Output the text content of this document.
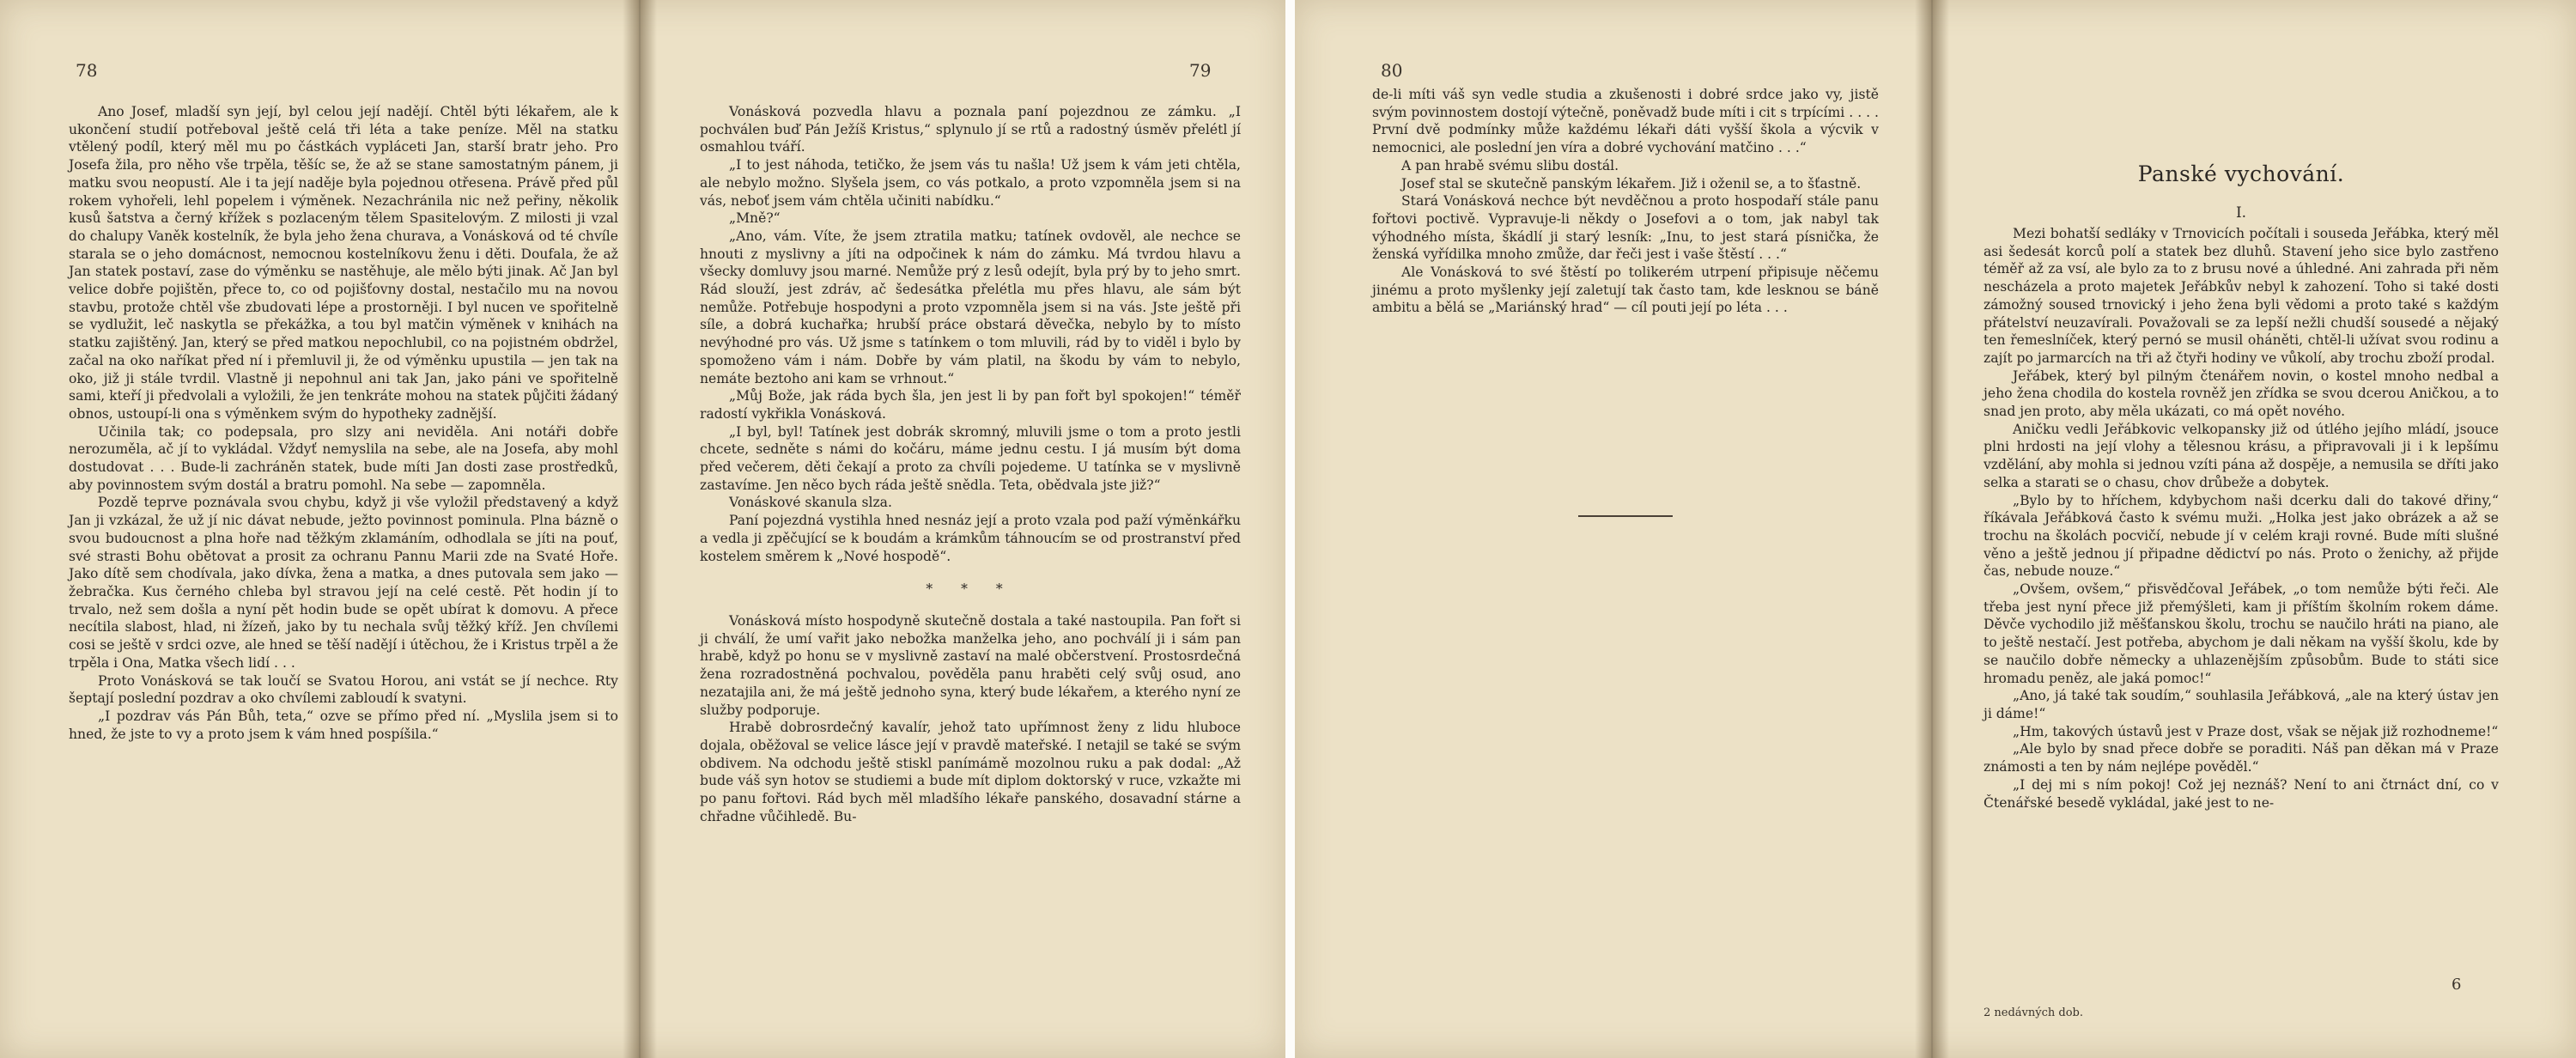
78

Ano Josef, mladší syn její, byl celou její nadějí. Chtěl býti lékařem, ale k ukončení studií potřeboval ještě celá tři léta a take peníze. Měl na statku vtělený podíl, který měl mu po částkách vypláceti Jan, starší bratr jeho. Pro Josefa žila, pro něho vše trpěla, těšíc se, že až se stane samostatným pánem, ji matku svou neopustí. Ale i ta její naděje byla pojednou otřesena. Právě před půl rokem vyhořeli, lehl popelem i výměnek. Nezachránila nic než peřiny, několik kusů šatstva a černý křížek s pozlaceným tělem Spasitelovým. Z milosti ji vzal do chalupy Vaněk kostelník, že byla jeho žena churava, a Vonásková od té chvíle starala se o jeho domácnost, nemocnou kostelníkovu ženu i děti. Doufala, že až Jan statek postaví, zase do výměnku se nastěhuje, ale mělo býti jinak. Ač Jan byl velice dobře pojištěn, přece to, co od pojišťovny dostal, nestačilo mu na novou stavbu, protože chtěl vše zbudovati lépe a prostorněji. I byl nucen ve spořitelně se vydlužit, leč naskytla se překážka, a tou byl matčin výměnek v knihách na statku zajištěný. Jan, který se před matkou nepochlubil, co na pojistném obdržel, začal na oko naříkat před ní i přemluvil ji, že od výměnku upustila — jen tak na oko, již ji stále tvrdil. Vlastně ji nepohnul ani tak Jan, jako páni ve spořitelně sami, kteří ji předvolali a vyložili, že jen tenkráte mohou na statek půjčiti žádaný obnos, ustoupí-li ona s výměnkem svým do hypotheky zadnější.

Učinila tak; co podepsala, pro slzy ani neviděla. Ani notáři dobře nerozuměla, ač jí to vykládal. Vždyť nemyslila na sebe, ale na Josefa, aby mohl dostudovat . . . Bude-li zachráněn statek, bude míti Jan dosti zase prostředků, aby povinnostem svým dostál a bratru pomohl. Na sebe — zapomněla.

Pozdě teprve poznávala svou chybu, když ji vše vyložil představený a když Jan ji vzkázal, že už jí nic dávat nebude, ježto povinnost pominula. Plna bázně o svou budoucnost a plna hoře nad těžkým zklamáním, odhodlala se jíti na pouť, své strasti Bohu obětovat a prosit za ochranu Pannu Marii zde na Svaté Hoře. Jako dítě sem chodívala, jako dívka, žena a matka, a dnes putovala sem jako — žebračka. Kus černého chleba byl stravou její na celé cestě. Pět hodin jí to trvalo, než sem došla a nyní pět hodin bude se opět ubírat k domovu. A přece necítila slabost, hlad, ni žízeň, jako by tu nechala svůj těžký kříž. Jen chvílemi cosi se ještě v srdci ozve, ale hned se těší nadějí i útěchou, že i Kristus trpěl a že trpěla i Ona, Matka všech lidí . . .

Proto Vonásková se tak loučí se Svatou Horou, ani vstát se jí nechce. Rty šeptají poslední pozdrav a oko chvílemi zabloudí k svatyni.

„I pozdrav vás Pán Bůh, teta,“ ozve se přímo před ní. „Myslila jsem si to hned, že jste to vy a proto jsem k vám hned pospíšila.“

79

Vonásková pozvedla hlavu a poznala paní pojezdnou ze zámku. „I pochválen buď Pán Ježíš Kristus,“ splynulo jí se rtů a radostný úsměv přelétl jí osmahlou tváří.

„I to jest náhoda, tetičko, že jsem vás tu našla! Už jsem k vám jeti chtěla, ale nebylo možno. Slyšela jsem, co vás potkalo, a proto vzpomněla jsem si na vás, neboť jsem vám chtěla učiniti nabídku.“

„Mně?“

„Ano, vám. Víte, že jsem ztratila matku; tatínek ovdověl, ale nechce se hnouti z myslivny a jíti na odpočinek k nám do zámku. Má tvrdou hlavu a všecky domluvy jsou marné. Nemůže prý z lesů odejít, byla prý by to jeho smrt. Rád slouží, jest zdráv, ač šedesátka přelétla mu přes hlavu, ale sám být nemůže. Potřebuje hospodyni a proto vzpomněla jsem si na vás. Jste ještě při síle, a dobrá kuchařka; hrubší práce obstará děvečka, nebylo by to místo nevýhodné pro vás. Už jsme s tatínkem o tom mluvili, rád by to viděl i bylo by spomoženo vám i nám. Dobře by vám platil, na škodu by vám to nebylo, nemáte beztoho ani kam se vrhnout.“

„Můj Bože, jak ráda bych šla, jen jest li by pan fořt byl spokojen!“ téměř radostí vykřikla Vonásková.

„I byl, byl! Tatínek jest dobrák skromný, mluvili jsme o tom a proto jestli chcete, sedněte s námi do kočáru, máme jednu cestu. I já musím být doma před večerem, děti čekají a proto za chvíli pojedeme. U tatínka se v myslivně zastavíme. Jen něco bych ráda ještě snědla. Teta, obědvala jste již?“

Vonáskové skanula slza.

Paní pojezdná vystihla hned nesnáz její a proto vzala pod paží výměnkářku a vedla ji zpěčující se k boudám a krámkům táhnoucím se od prostranství před kostelem směrem k „Nové hospodě“.

* * *

Vonásková místo hospodyně skutečně dostala a také nastoupila. Pan fořt si ji chválí, že umí vařit jako nebožka manželka jeho, ano pochválí ji i sám pan hrabě, když po honu se v myslivně zastaví na malé občerstvení. Prostosrdečná žena rozradostněná pochvalou, pověděla panu hraběti celý svůj osud, ano nezatajila ani, že má ještě jednoho syna, který bude lékařem, a kterého nyní ze služby podporuje.

Hrabě dobrosrdečný kavalír, jehož tato upřímnost ženy z lidu hluboce dojala, oběžoval se velice lásce její v pravdě mateřské. I netajil se také se svým obdivem. Na odchodu ještě stiskl panímámě mozolnou ruku a pak dodal: „Až bude váš syn hotov se studiemi a bude mít diplom doktorský v ruce, vzkažte mi po panu fořtovi. Rád bych měl mladšího lékaře panského, dosavadní stárne a chřadne vůčihledě. Bu-

80

de-li míti váš syn vedle studia a zkušenosti i dobré srdce jako vy, jistě svým povinnostem dostojí výtečně, poněvadž bude míti i cit s trpícími . . . . První dvě podmínky může každému lékaři dáti vyšší škola a výcvik v nemocnici, ale poslední jen víra a dobré vychování matčino . . .“

A pan hrabě svému slibu dostál.

Josef stal se skutečně panským lékařem. Již i oženil se, a to šťastně.

Stará Vonásková nechce být nevděčnou a proto hospodaří stále panu fořtovi poctivě. Vypravuje-li někdy o Josefovi a o tom, jak nabyl tak výhodného místa, škádlí ji starý lesník: „Inu, to jest stará písnička, že ženská vyřídilka mnoho zmůže, dar řeči jest i vaše štěstí . . .“

Ale Vonásková to své štěstí po tolikerém utrpení připisuje něčemu jinému a proto myšlenky její zaletují tak často tam, kde lesknou se báně ambitu a bělá se „Mariánský hrad“ — cíl pouti její po léta . . .

Panské vychování.
I.

Mezi bohatší sedláky v Trnovicích počítali i souseda Jeřábka, který měl asi šedesát korců polí a statek bez dluhů. Stavení jeho sice bylo zastřeno téměř až za vsí, ale bylo za to z brusu nové a úhledné. Ani zahrada při něm nescházela a proto majetek Jeřábkův nebyl k zahození. Toho si také dosti zámožný soused trnovický i jeho žena byli vědomi a proto také s každým přátelství neuzavírali. Považovali se za lepší nežli chudší sousedé a nějaký ten řemeslníček, který pernó se musil oháněti, chtěl-li užívat svou rodinu a zajít po jarmarcích na tři až čtyři hodiny ve vůkolí, aby trochu zboží prodal.

Jeřábek, který byl pilným čtenářem novin, o kostel mnoho nedbal a jeho žena chodila do kostela rovněž jen zřídka se svou dcerou Aničkou, a to snad jen proto, aby měla ukázati, co má opět nového.

Aničku vedli Jeřábkovic velkopansky již od útlého jejího mládí, jsouce plni hrdosti na její vlohy a tělesnou krásu, a připravovali ji i k lepšímu vzdělání, aby mohla si jednou vzíti pána až dospěje, a nemusila se dříti jako selka a starati se o chasu, chov drůbeže a dobytek.

„Bylo by to hříchem, kdybychom naši dcerku dali do takové dřiny,“ říkávala Jeřábková často k svému muži. „Holka jest jako obrázek a až se trochu na školách pocvičí, nebude jí v celém kraji rovné. Bude míti slušné věno a ještě jednou jí připadne dědictví po nás. Proto o ženichy, až přijde čas, nebude nouze.“

„Ovšem, ovšem,“ přisvědčoval Jeřábek, „o tom nemůže býti řeči. Ale třeba jest nyní přece již přemýšleti, kam ji příštím školním rokem dáme. Děvče vychodilo již měšťanskou školu, trochu se naučilo hráti na piano, ale to ještě nestačí. Jest potřeba, abychom je dali někam na vyšší školu, kde by se naučilo dobře německy a uhlazenějším způsobům. Bude to státi sice hromadu peněz, ale jaká pomoc!“

„Ano, já také tak soudím,“ souhlasila Jeřábková, „ale na který ústav jen ji dáme!“

„Hm, takových ústavů jest v Praze dost, však se nějak již rozhodneme!“

„Ale bylo by snad přece dobře se poraditi. Náš pan děkan má v Praze známosti a ten by nám nejlépe pověděl.“

„I dej mi s ním pokoj! Což jej neznáš? Není to ani čtrnáct dní, co v Čtenářské besedě vykládal, jaké jest to ne-

2 nedávných dob.
6
